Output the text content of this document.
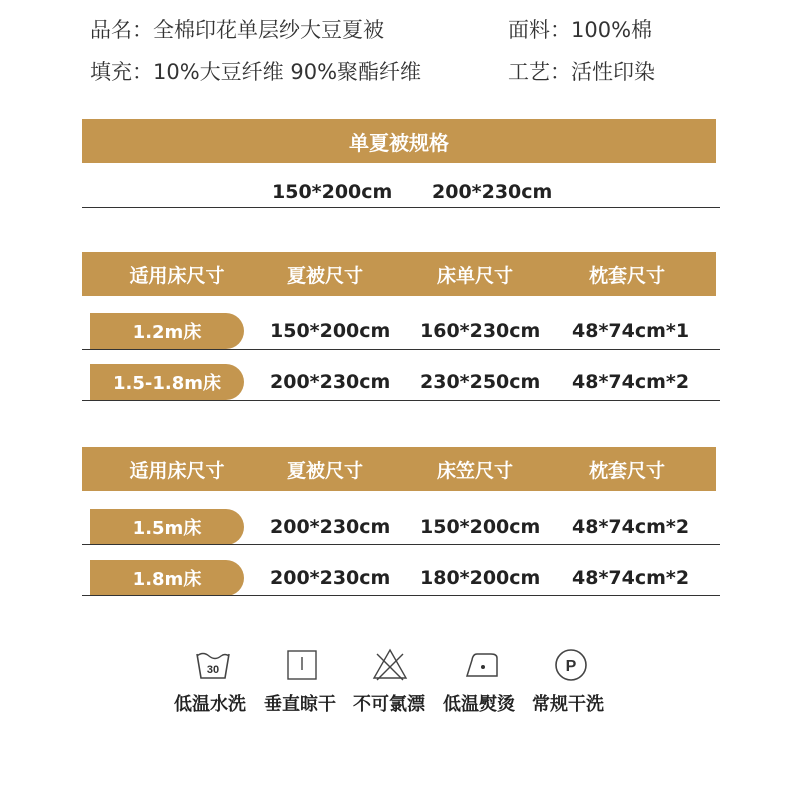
品名：全棉印花单层纱大豆夏被	面料：100%棉
填充：10%大豆纤维 90%聚酯纤维	工艺：活性印染
单夏被规格
150*200cm 200*230cm
适用床尺寸	夏被尺寸	床单尺寸	枕套尺寸
1.2m床	150*200cm 160*230cm 48*74cm*1
1.5-1.8m床	200*230cm 230*250cm 48*74cm*2
适用床尺寸	夏被尺寸	床笠尺寸	枕套尺寸
1.5m床	200*230cm 150*200cm 48*74cm*2
1.8m床	200*230cm 180*200cm 48*74cm*2
30	P
低温水洗 垂直晾干 不可氯漂 低温熨烫 常规干洗
